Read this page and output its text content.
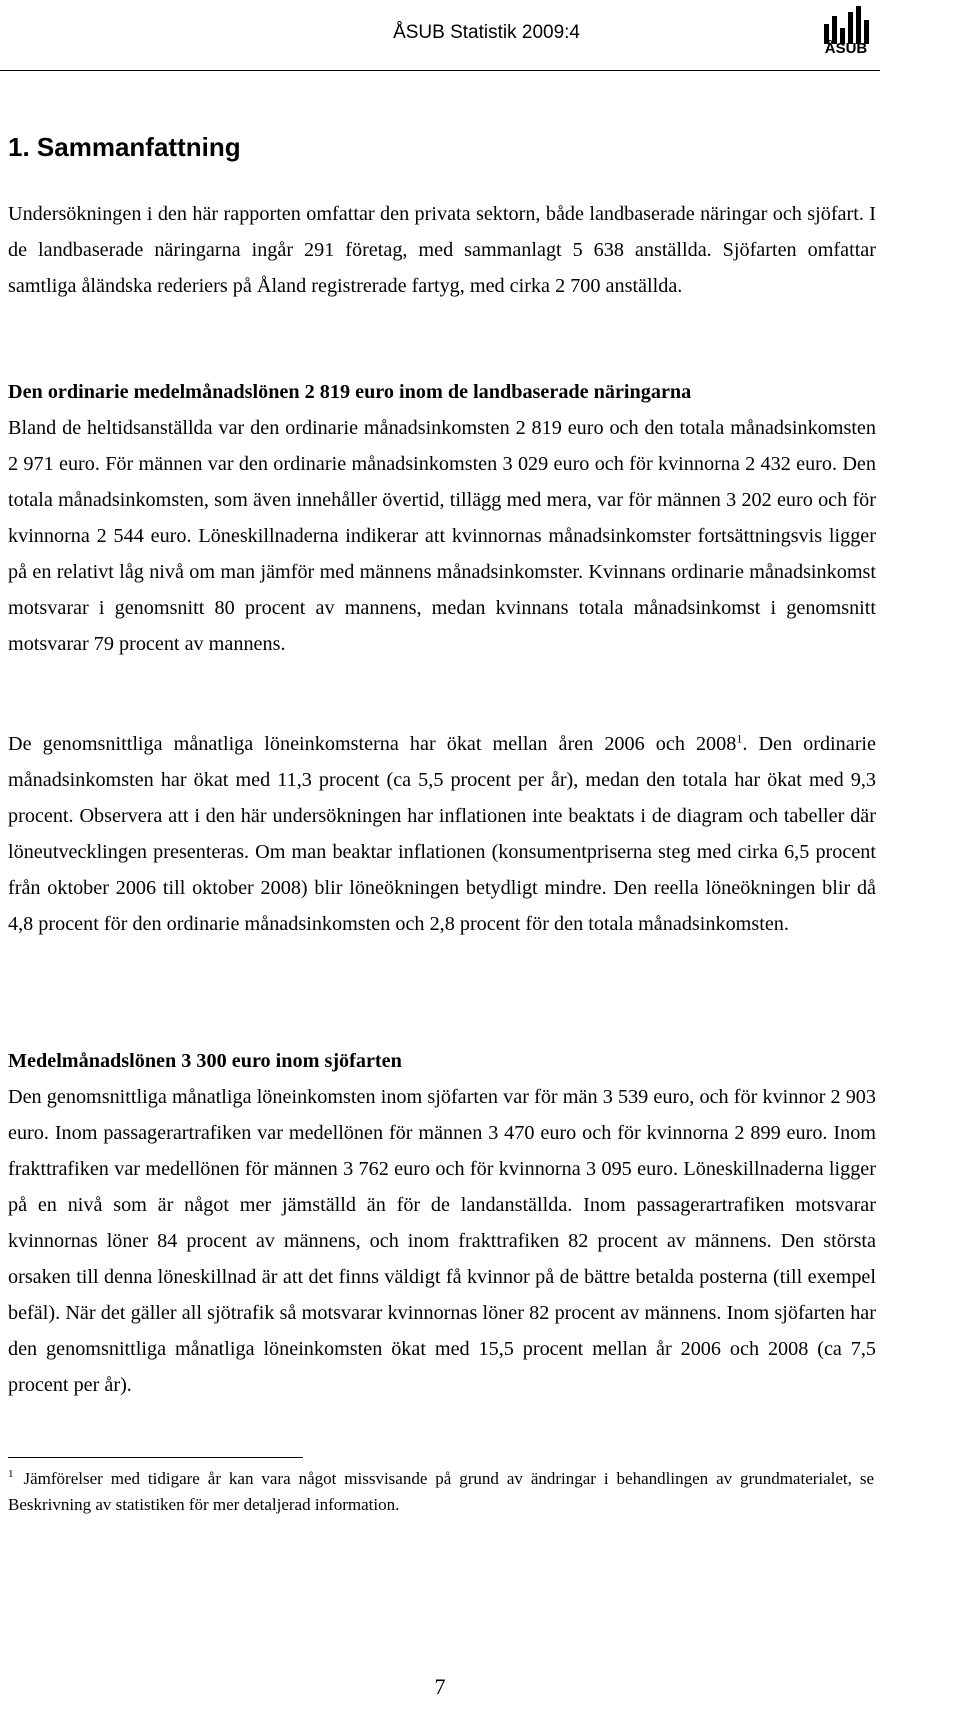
ÅSUB Statistik 2009:4
ÅSUB
1. Sammanfattning

Undersökningen i den här rapporten omfattar den privata sektorn, både landbaserade näringar och sjöfart. I de landbaserade näringarna ingår 291 företag, med sammanlagt 5 638 anställda. Sjöfarten omfattar samtliga åländska rederiers på Åland registrerade fartyg, med cirka 2 700 anställda.

Den ordinarie medelmånadslönen 2 819 euro inom de landbaserade näringarna
Bland de heltidsanställda var den ordinarie månadsinkomsten 2 819 euro och den totala månadsinkomsten 2 971 euro. För männen var den ordinarie månadsinkomsten 3 029 euro och för kvinnorna 2 432 euro. Den totala månadsinkomsten, som även innehåller övertid, tillägg med mera, var för männen 3 202 euro och för kvinnorna 2 544 euro. Löneskillnaderna indikerar att kvinnornas månadsinkomster fortsättningsvis ligger på en relativt låg nivå om man jämför med männens månadsinkomster. Kvinnans ordinarie månadsinkomst motsvarar i genomsnitt 80 procent av mannens, medan kvinnans totala månadsinkomst i genomsnitt motsvarar 79 procent av mannens.

De genomsnittliga månatliga löneinkomsterna har ökat mellan åren 2006 och 2008$^1$. Den ordinarie månadsinkomsten har ökat med 11,3 procent (ca 5,5 procent per år), medan den totala har ökat med 9,3 procent. Observera att i den här undersökningen har inflationen inte beaktats i de diagram och tabeller där löneutvecklingen presenteras. Om man beaktar inflationen (konsumentpriserna steg med cirka 6,5 procent från oktober 2006 till oktober 2008) blir löneökningen betydligt mindre. Den reella löneökningen blir då 4,8 procent för den ordinarie månadsinkomsten och 2,8 procent för den totala månadsinkomsten.

Medelmånadslönen 3 300 euro inom sjöfarten
Den genomsnittliga månatliga löneinkomsten inom sjöfarten var för män 3 539 euro, och för kvinnor 2 903 euro. Inom passagerartrafiken var medellönen för männen 3 470 euro och för kvinnorna 2 899 euro. Inom frakttrafiken var medellönen för männen 3 762 euro och för kvinnorna 3 095 euro. Löneskillnaderna ligger på en nivå som är något mer jämställd än för de landanställda. Inom passagerartrafiken motsvarar kvinnornas löner 84 procent av männens, och inom frakttrafiken 82 procent av männens. Den största orsaken till denna löneskillnad är att det finns väldigt få kvinnor på de bättre betalda posterna (till exempel befäl). När det gäller all sjötrafik så motsvarar kvinnornas löner 82 procent av männens. Inom sjöfarten har den genomsnittliga månatliga löneinkomsten ökat med 15,5 procent mellan år 2006 och 2008 (ca 7,5 procent per år).

$^1$ Jämförelser med tidigare år kan vara något missvisande på grund av ändringar i behandlingen av grundmaterialet, se Beskrivning av statistiken för mer detaljerad information.

7
